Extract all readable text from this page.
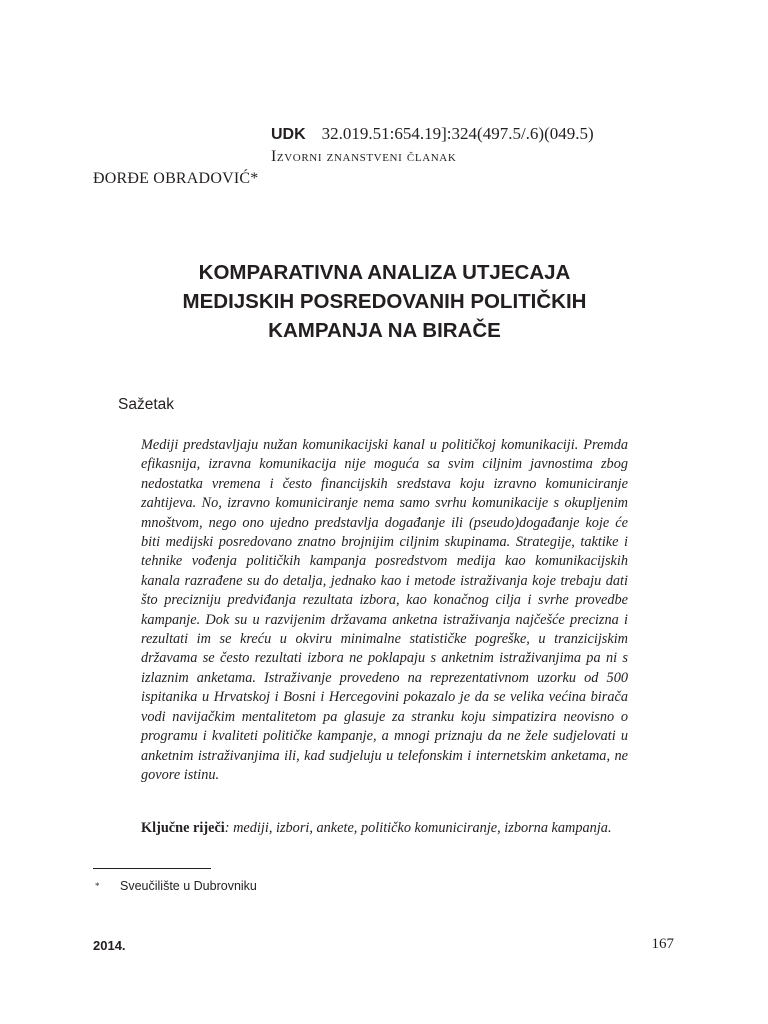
UDK 32.019.51:654.19]:324(497.5/.6)(049.5)
Izvorni znanstveni članak
ĐORĐE OBRADOVIĆ*
KOMPARATIVNA ANALIZA UTJECAJA
MEDIJSKIH POSREDOVANIH POLITIČKIH
KAMPANJA NA BIRAČE
Sažetak
Mediji predstavljaju nužan komunikacijski kanal u političkoj komunikaciji. Premda efikasnija, izravna komunikacija nije moguća sa svim ciljnim javnostima zbog nedostatka vremena i često financijskih sredstava koju izravno komuniciranje zahtijeva. No, izravno komuniciranje nema samo svrhu komunikacije s okupljenim mnoštvom, nego ono ujedno predstavlja događanje ili (pseudo)događanje koje će biti medijski posredovano znatno brojnijim ciljnim skupinama. Strategije, taktike i tehnike vođenja političkih kampanja posredstvom medija kao komunikacijskih kanala razrađene su do detalja, jednako kao i metode istraživanja koje trebaju dati što precizniju predviđanja rezultata izbora, kao konačnog cilja i svrhe provedbe kampanje. Dok su u razvijenim državama anketna istraživanja najčešće precizna i rezultati im se kreću u okviru minimalne statističke pogreške, u tranzicijskim državama se često rezultati izbora ne poklapaju s anketnim istraživanjima pa ni s izlaznim anketama. Istraživanje provedeno na reprezentativnom uzorku od 500 ispitanika u Hrvatskoj i Bosni i Hercegovini pokazalo je da se velika većina birača vodi navijačkim mentalitetom pa glasuje za stranku koju simpatizira neovisno o programu i kvaliteti političke kampanje, a mnogi priznaju da ne žele sudjelovati u anketnim istraživanjima ili, kad sudjeluju u telefonskim i internetskim anketama, ne govore istinu.
Ključne riječi: mediji, izbori, ankete, političko komuniciranje, izborna kampanja.
* Sveučilište u Dubrovniku
2014.	167
